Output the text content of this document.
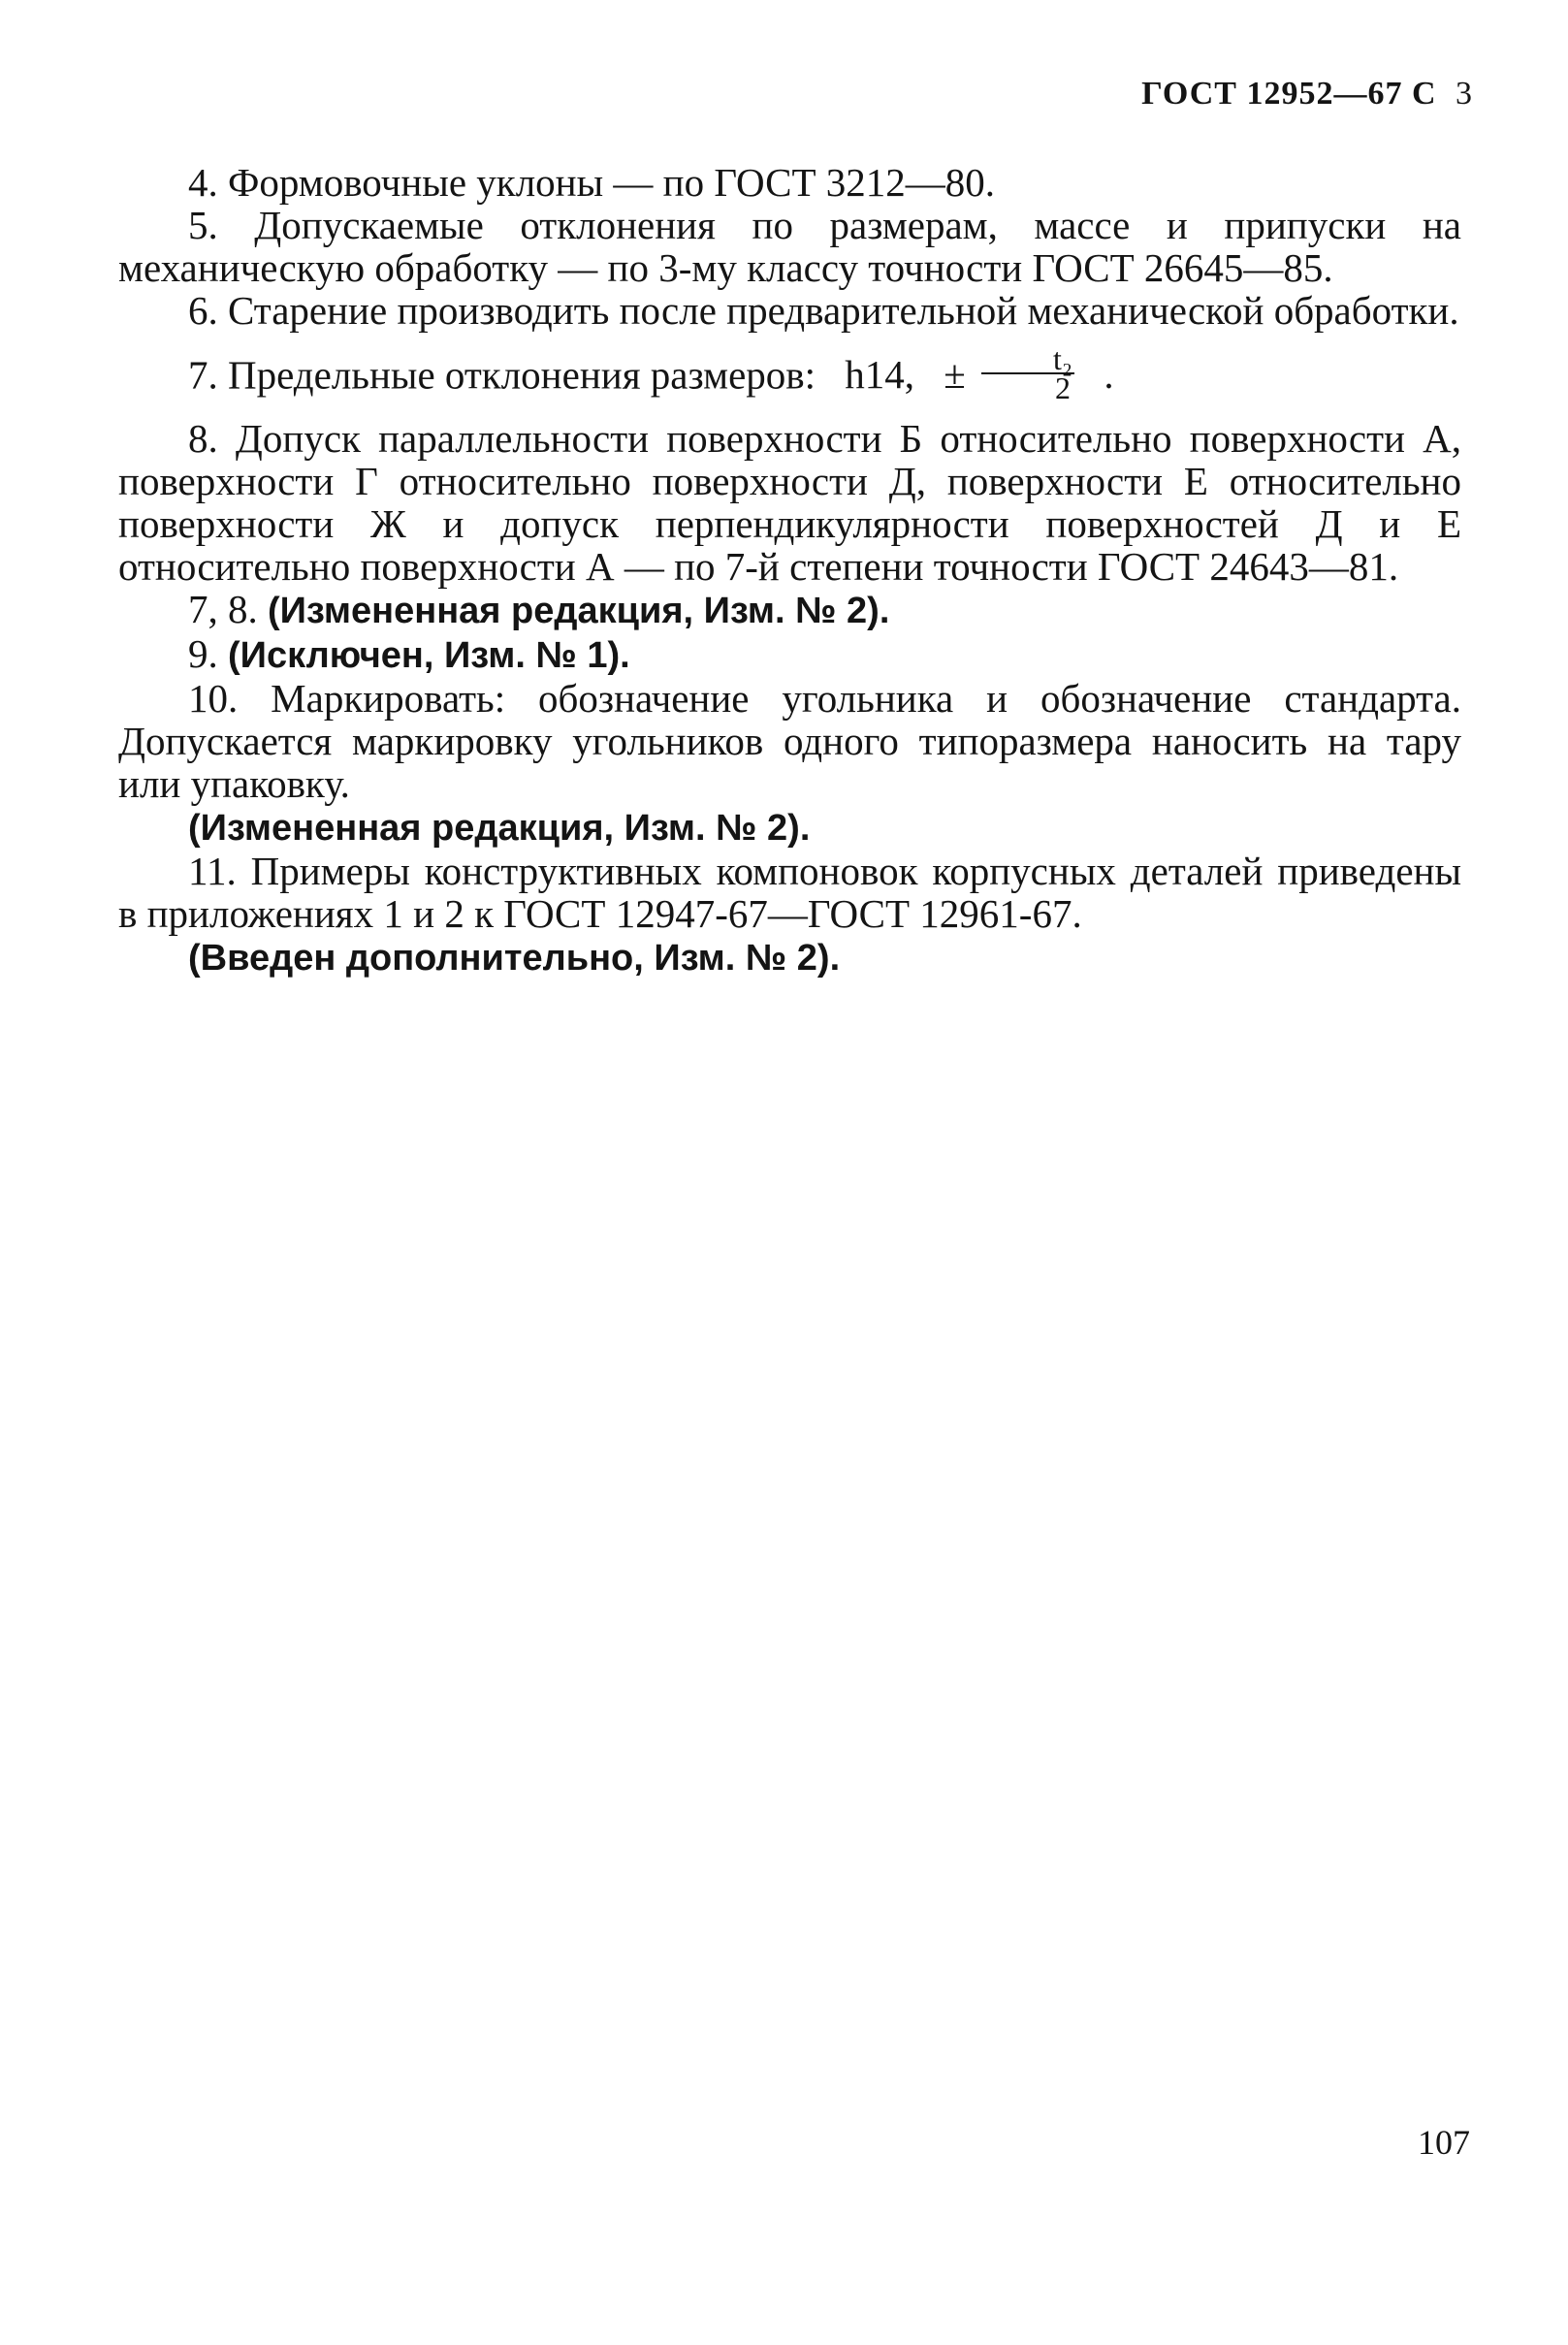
ГОСТ 12952—67 С 3

4. Формовочные уклоны — по ГОСТ 3212—80.

5. Допускаемые отклонения по размерам, массе и припуски на механическую обработку — по 3-му классу точности ГОСТ 26645—85.

6. Старение производить после предварительной механической обработки.

7. Предельные отклонения размеров: h14, ± $\frac{\text{t₂}}{2}$ .

8. Допуск параллельности поверхности Б относительно поверхности А, поверхности Г относительно поверхности Д, поверхности Е относительно поверхности Ж и допуск перпендикулярности поверхностей Д и Е относительно поверхности А — по 7-й степени точности ГОСТ 24643—81.

7, 8. (Измененная редакция, Изм. № 2).

9. (Исключен, Изм. № 1).

10. Маркировать: обозначение угольника и обозначение стандарта. Допускается маркировку угольников одного типоразмера наносить на тару или упаковку.

(Измененная редакция, Изм. № 2).

11. Примеры конструктивных компоновок корпусных деталей приведены в приложениях 1 и 2 к ГОСТ 12947-67—ГОСТ 12961-67.

(Введен дополнительно, Изм. № 2).

107
